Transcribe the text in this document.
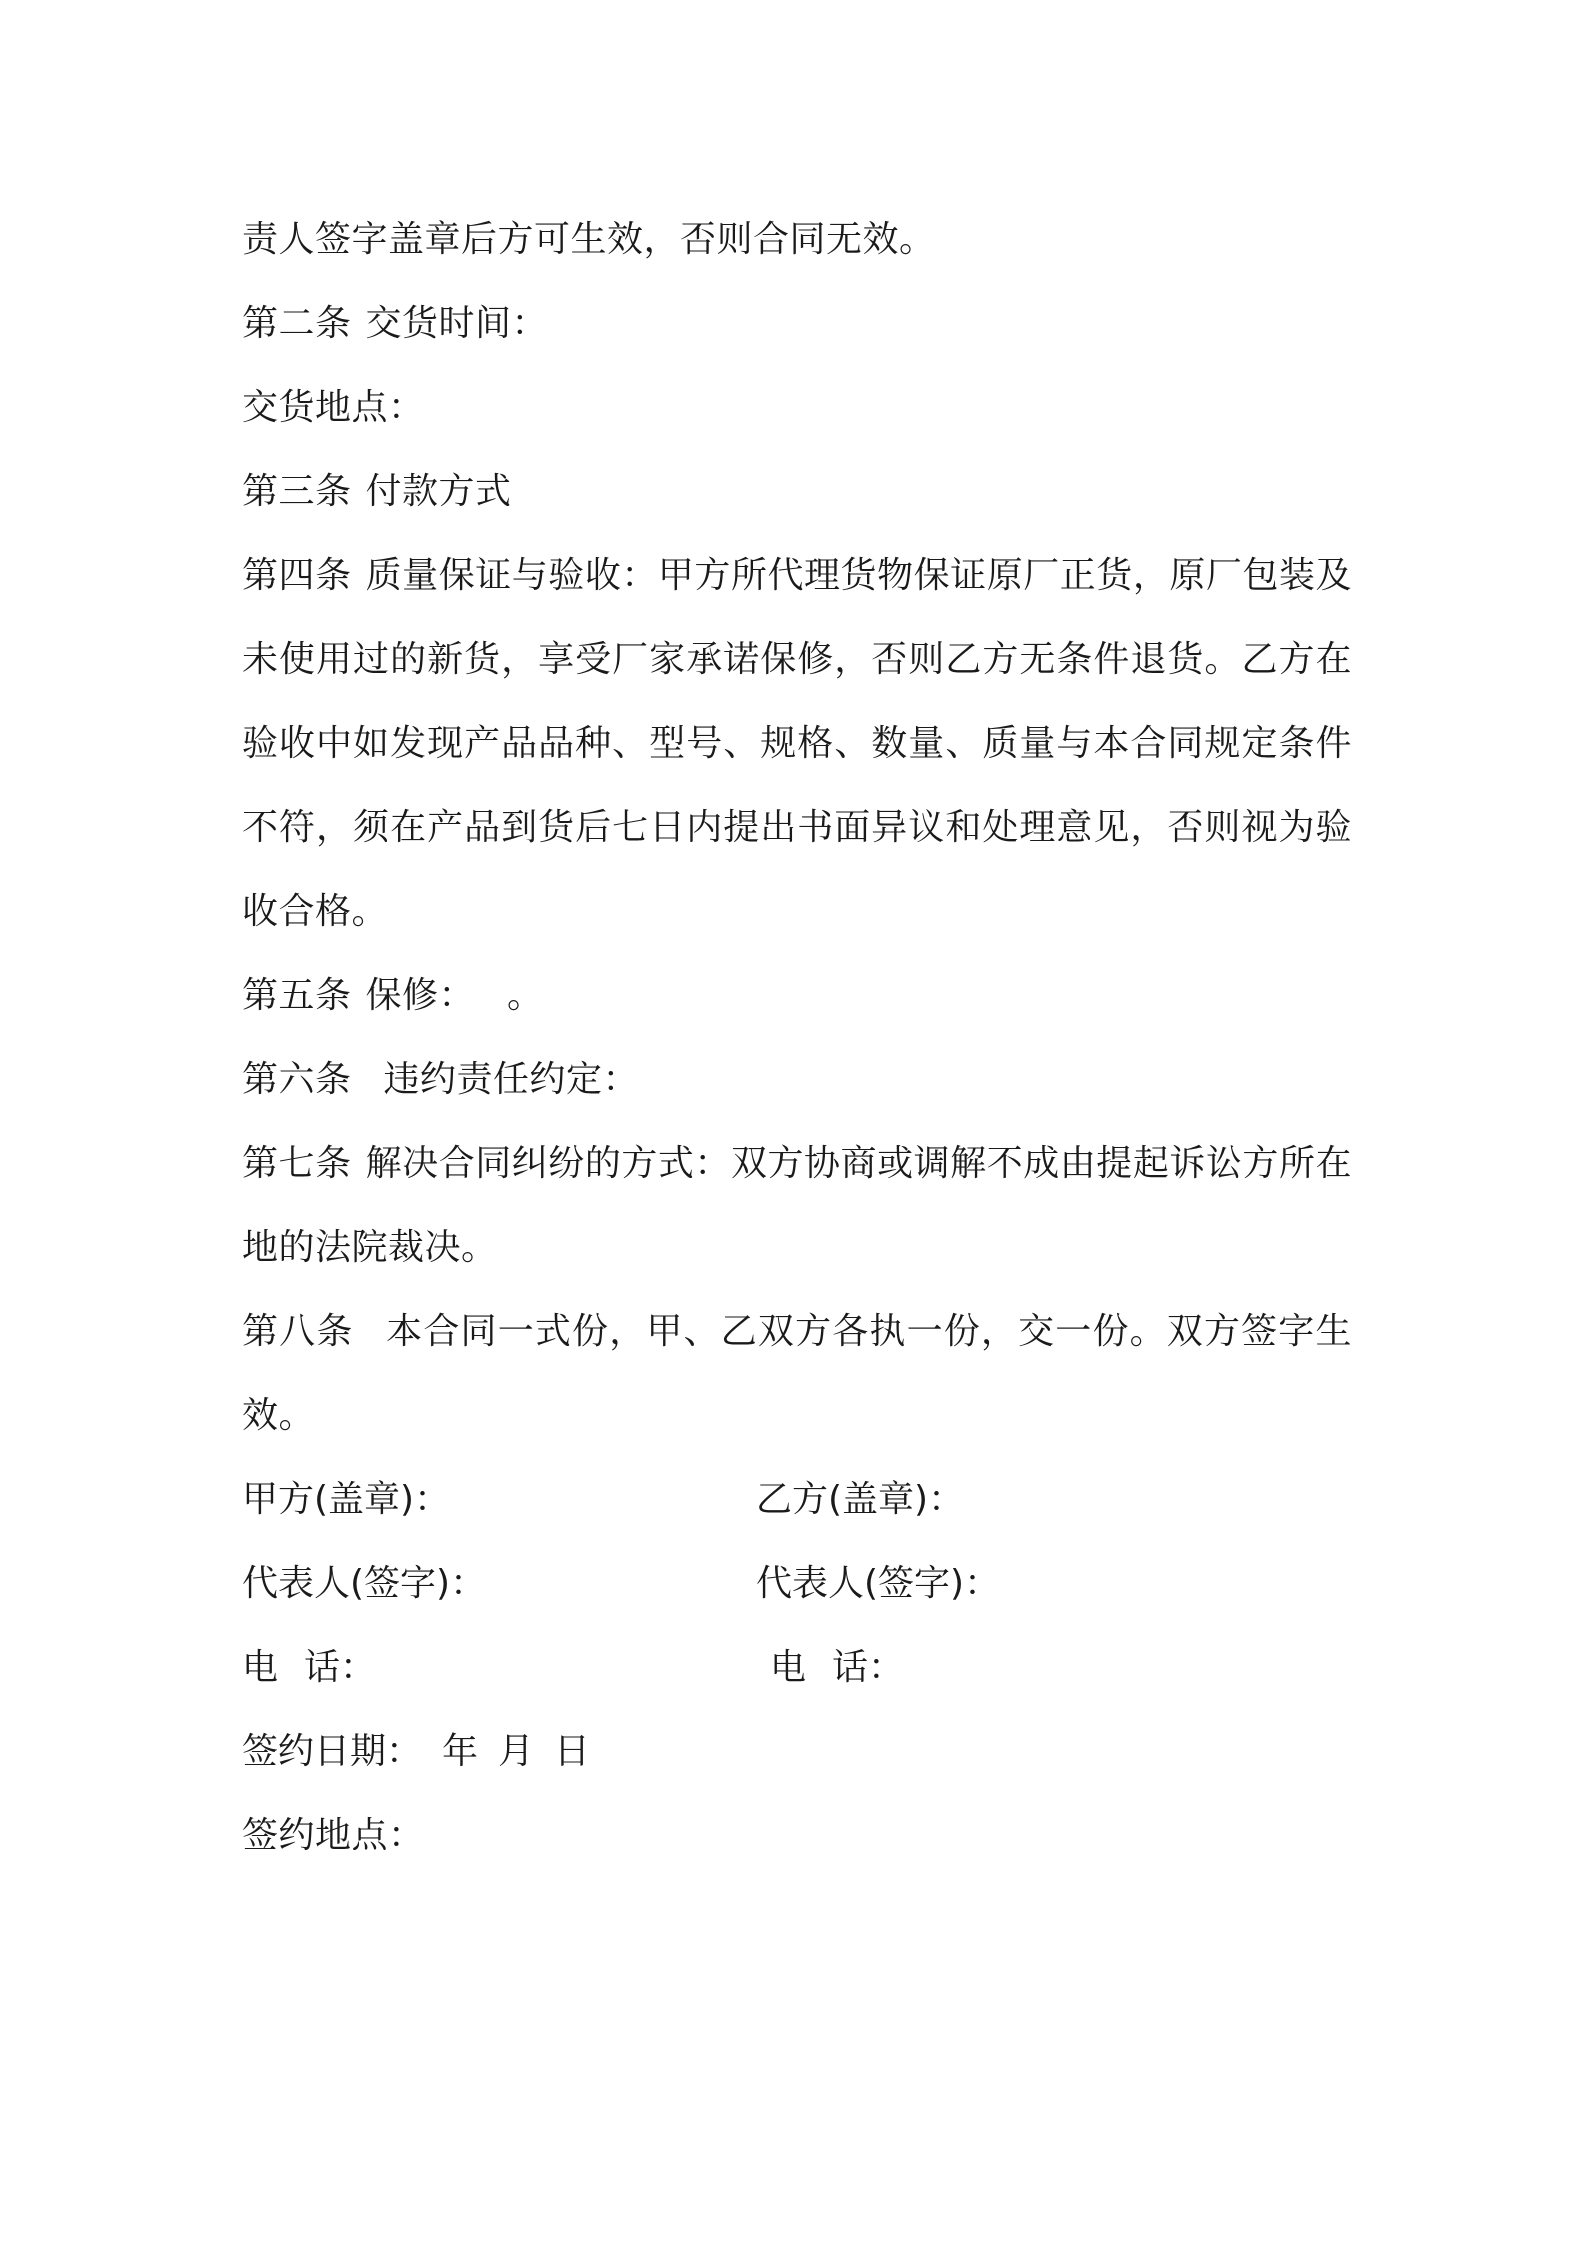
责人签字盖章后方可生效，否则合同无效。
第二条 交货时间：
交货地点：
第三条 付款方式
第四条 质量保证与验收：甲方所代理货物保证原厂正货，原厂包装及未使用过的新货，享受厂家承诺保修，否则乙方无条件退货。乙方在验收中如发现产品品种、型号、规格、数量、质量与本合同规定条件不符，须在产品到货后七日内提出书面异议和处理意见，否则视为验收合格。
第五条 保修： 。
第六条 违约责任约定：
第七条 解决合同纠纷的方式：双方协商或调解不成由提起诉讼方所在地的法院裁决。
第八条 本合同一式份，甲、乙双方各执一份，交一份。双方签字生效。
甲方(盖章)：	乙方(盖章)：
代表人(签字)：	代表人(签字)：
电 话：	电 话：
签约日期： 年 月 日
签约地点：
